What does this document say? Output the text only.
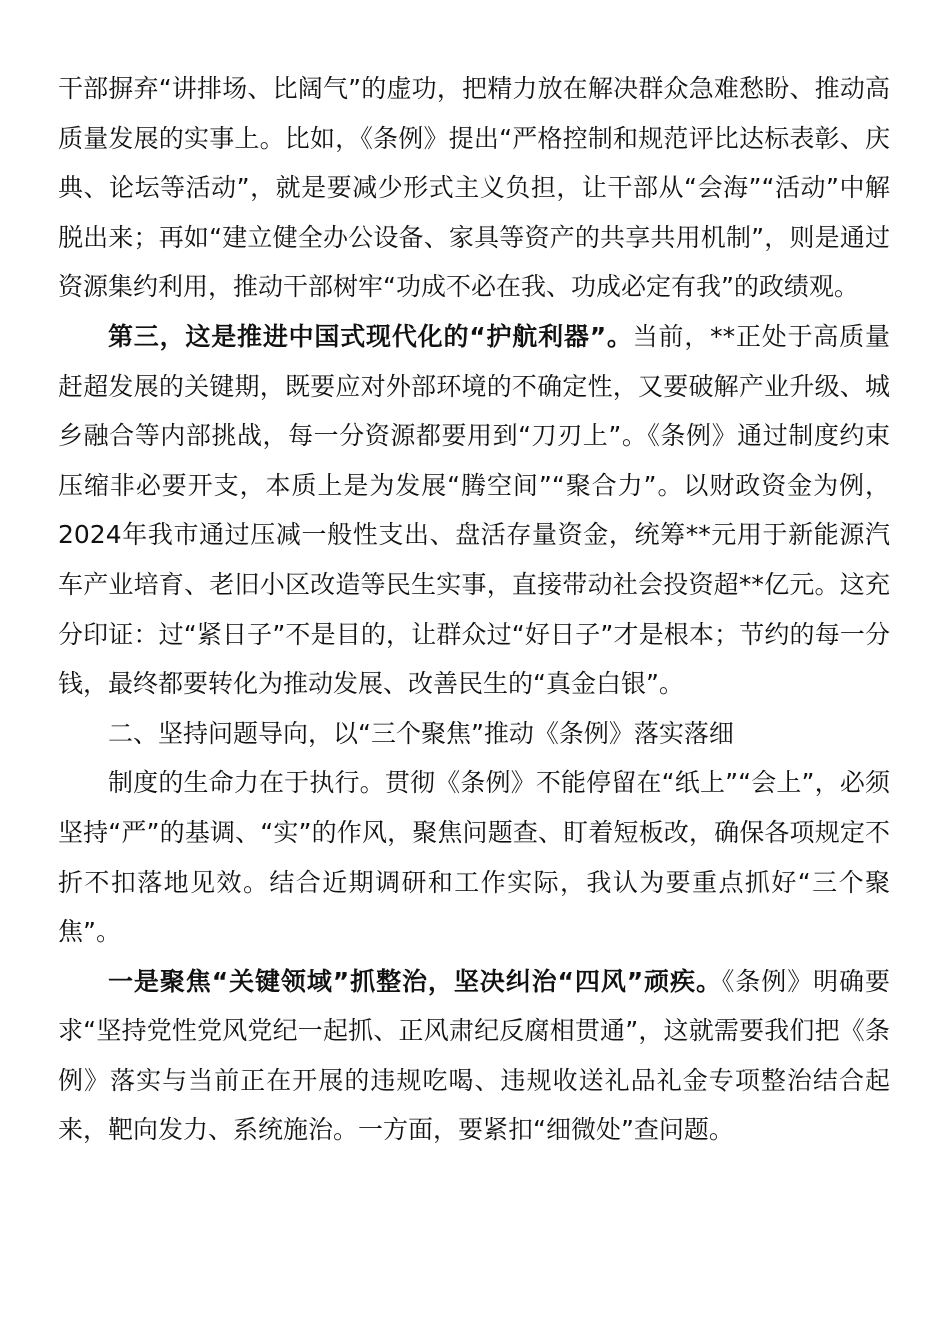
干部摒弃“讲排场、比阔气”的虚功，把精力放在解决群众急难愁盼、推动高质量发展的实事上。比如，《条例》提出“严格控制和规范评比达标表彰、庆典、论坛等活动”，就是要减少形式主义负担，让干部从“会海”“活动”中解脱出来；再如“建立健全办公设备、家具等资产的共享共用机制”，则是通过资源集约利用，推动干部树牢“功成不必在我、功成必定有我”的政绩观。

第三，这是推进中国式现代化的“护航利器”。当前，**正处于高质量赶超发展的关键期，既要应对外部环境的不确定性，又要破解产业升级、城乡融合等内部挑战，每一分资源都要用到“刀刃上”。《条例》通过制度约束压缩非必要开支，本质上是为发展“腾空间”“聚合力”。以财政资金为例，2024年我市通过压减一般性支出、盘活存量资金，统筹**元用于新能源汽车产业培育、老旧小区改造等民生实事，直接带动社会投资超**亿元。这充分印证：过“紧日子”不是目的，让群众过“好日子”才是根本；节约的每一分钱，最终都要转化为推动发展、改善民生的“真金白银”。

二、坚持问题导向，以“三个聚焦”推动《条例》落实落细

制度的生命力在于执行。贯彻《条例》不能停留在“纸上”“会上”，必须坚持“严”的基调、“实”的作风，聚焦问题查、盯着短板改，确保各项规定不折不扣落地见效。结合近期调研和工作实际，我认为要重点抓好“三个聚焦”。

一是聚焦“关键领域”抓整治，坚决纠治“四风”顽疾。《条例》明确要求“坚持党性党风党纪一起抓、正风肃纪反腐相贯通”，这就需要我们把《条例》落实与当前正在开展的违规吃喝、违规收送礼品礼金专项整治结合起来，靶向发力、系统施治。一方面，要紧扣“细微处”查问题。
